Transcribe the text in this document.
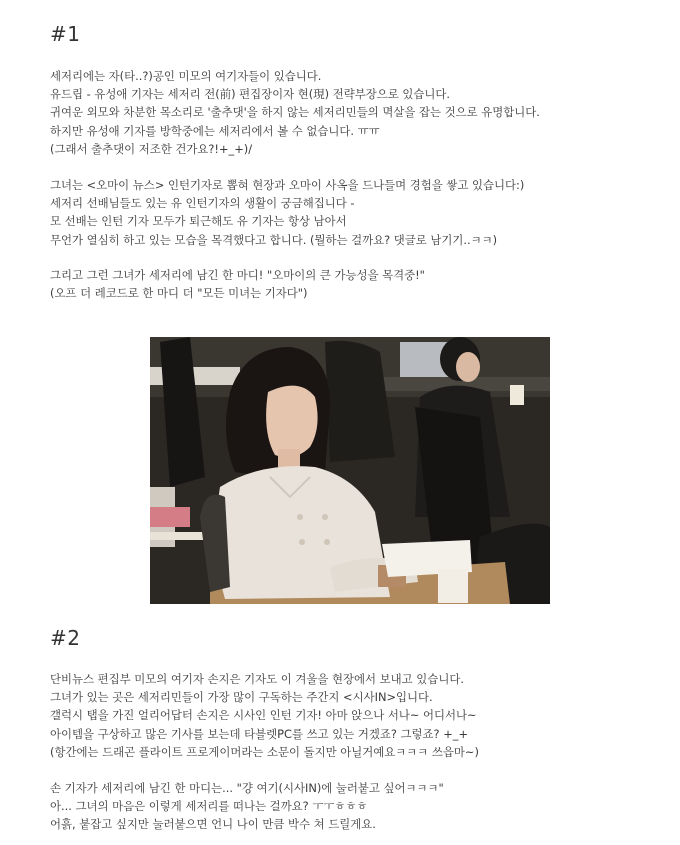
#1
세저리에는 자(타..?)공인 미모의 여기자들이 있습니다.
유드립 - 유성애 기자는 세저리 전(前) 편집장이자 현(現) 전략부장으로 있습니다.
귀여운 외모와 차분한 목소리로 '출추댓'을 하지 않는 세저리민들의 멱살을 잡는 것으로 유명합니다.
하지만 유성애 기자를 방학중에는 세저리에서 볼 수 없습니다. ㅠㅠ
(그래서 출추댓이 저조한 건가요?!+_+)/
그녀는 <오마이 뉴스> 인턴기자로 뽑혀 현장과 오마이 사옥을 드나들며 경험을 쌓고 있습니다:)
세저리 선배님들도 있는 유 인턴기자의 생활이 궁금해집니다 -
모 선배는 인턴 기자 모두가 퇴근해도 유 기자는 항상 남아서
무언가 열심히 하고 있는 모습을 목격했다고 합니다. (뭘하는 걸까요? 댓글로 남기기..ㅋㅋ)
그리고 그런 그녀가 세저리에 남긴 한 마디! "오마이의 큰 가능성을 목격중!"
(오프 더 레코드로 한 마디 더 "모든 미녀는 기자다")
#2
단비뉴스 편집부 미모의 여기자 손지은 기자도 이 겨울을 현장에서 보내고 있습니다.
그녀가 있는 곳은 세저리민들이 가장 많이 구독하는 주간지 <시사IN>입니다.
갤럭시 탭을 가진 얼리어답터 손지은 시사인 인턴 기자! 아마 앉으나 서나~ 어디서나~
아이템을 구상하고 많은 기사를 보는데 타블렛PC를 쓰고 있는 거겠죠? 그렇죠? +_+
(항간에는 드래곤 플라이트 프로게이머라는 소문이 돌지만 아닐거예요ㅋㅋㅋ 쓰읍마~)
손 기자가 세저리에 남긴 한 마디는... "걍 여기(시사IN)에 눌러붙고 싶어ㅋㅋㅋ"
아... 그녀의 마음은 이렇게 세저리를 떠나는 걸까요? ㅜㅜㅎㅎㅎ
어흙, 붙잡고 싶지만 눌러붙으면 언니 나이 만큼 박수 쳐 드릴게요.
